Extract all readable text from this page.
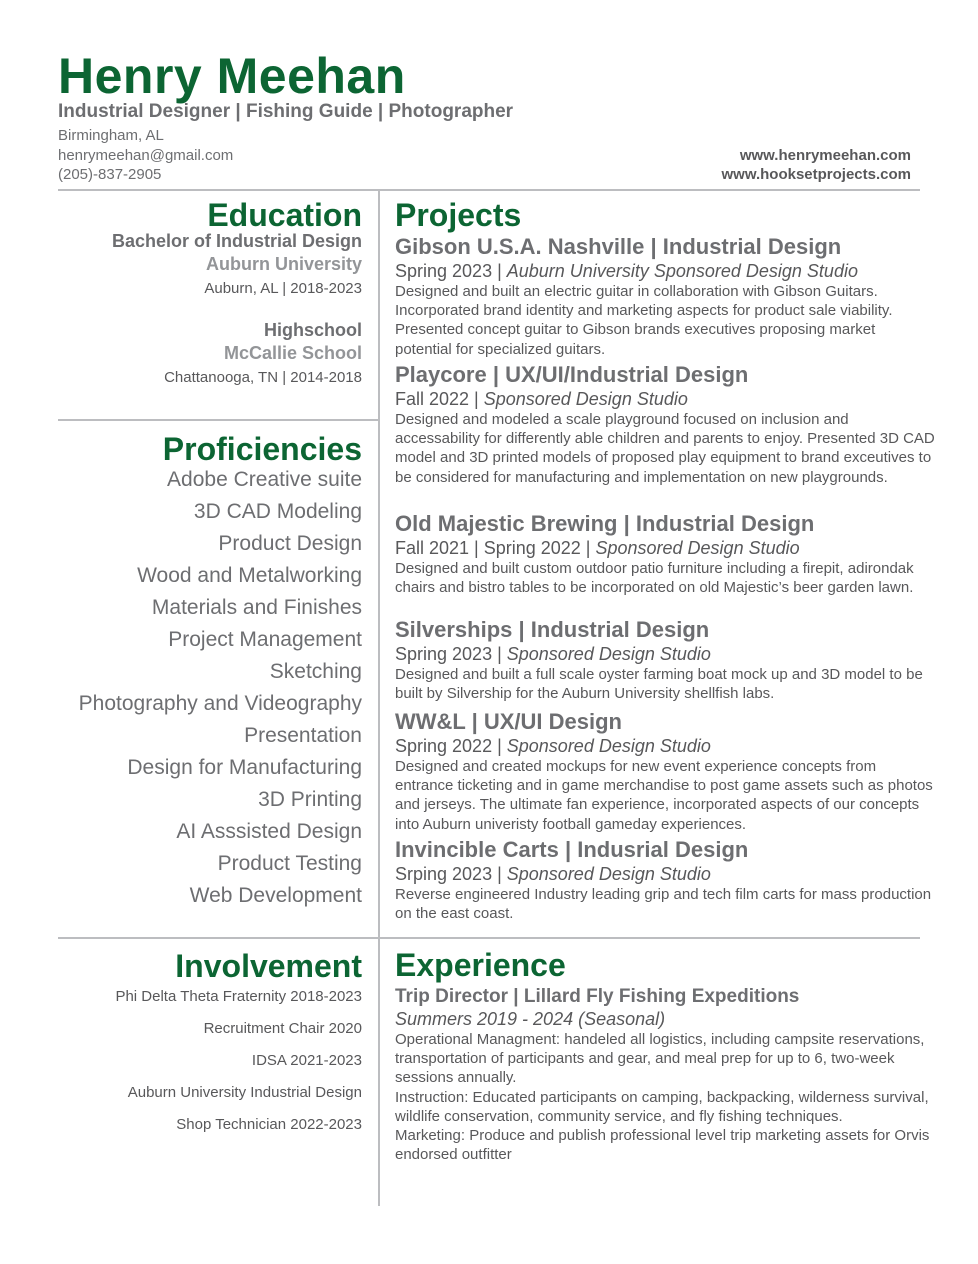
Henry Meehan
Industrial Designer | Fishing Guide | Photographer
Birmingham, AL
henrymeehan@gmail.com
(205)-837-2905
www.henrymeehan.com
www.hooksetprojects.com
Education
Bachelor of Industrial Design
Auburn University
Auburn, AL | 2018-2023
Highschool
McCallie School
Chattanooga, TN | 2014-2018
Proficiencies
Adobe Creative suite
3D CAD Modeling
Product Design
Wood and Metalworking
Materials and Finishes
Project Management
Sketching
Photography and Videography
Presentation
Design for Manufacturing
3D Printing
AI Asssisted Design
Product Testing
Web Development
Involvement
Phi Delta Theta Fraternity 2018-2023
Recruitment Chair 2020
IDSA 2021-2023
Auburn University Industrial Design
Shop Technician 2022-2023
Projects
Gibson U.S.A. Nashville | Industrial Design
Spring 2023 | Auburn University Sponsored Design Studio
Designed and built an electric guitar in collaboration with Gibson Guitars. Incorporated brand identity and marketing aspects for product sale viability. Presented concept guitar to Gibson brands executives proposing market potential for specialized guitars.
Playcore | UX/UI/Industrial Design
Fall 2022 | Sponsored Design Studio
Designed and modeled a scale playground focused on inclusion and accessability for differently able children and parents to enjoy. Presented 3D CAD model and 3D printed models of proposed play equipment to brand exceutives to be considered for manufacturing and implementation on new playgrounds.
Old Majestic Brewing | Industrial Design
Fall 2021 | Spring 2022 | Sponsored Design Studio
Designed and built custom outdoor patio furniture including a firepit, adirondak chairs and bistro tables to be incorporated on old Majestic’s beer garden lawn.
Silverships | Industrial Design
Spring 2023 | Sponsored Design Studio
Designed and built a full scale oyster farming boat mock up and 3D model to be built by Silvership for the Auburn University shellfish labs.
WW&L | UX/UI Design
Spring 2022 | Sponsored Design Studio
Designed and created mockups for new event experience concepts from entrance ticketing and in game merchandise to post game assets such as photos and jerseys. The ultimate fan experience, incorporated aspects of our concepts into Auburn univeristy football gameday experiences.
Invincible Carts | Indusrial Design
Srping 2023 | Sponsored Design Studio
Reverse engineered Industry leading grip and tech film carts for mass production on the east coast.
Experience
Trip Director | Lillard Fly Fishing Expeditions
Summers 2019 - 2024 (Seasonal)

Operational Managment: handeled all logistics, including campsite reservations, transportation of participants and gear, and meal prep for up to 6, two-week sessions annually.

Instruction: Educated participants on camping, backpacking, wilderness survival, wildlife conservation, community service, and fly fishing techniques.

Marketing: Produce and publish professional level trip marketing assets for Orvis endorsed outfitter
